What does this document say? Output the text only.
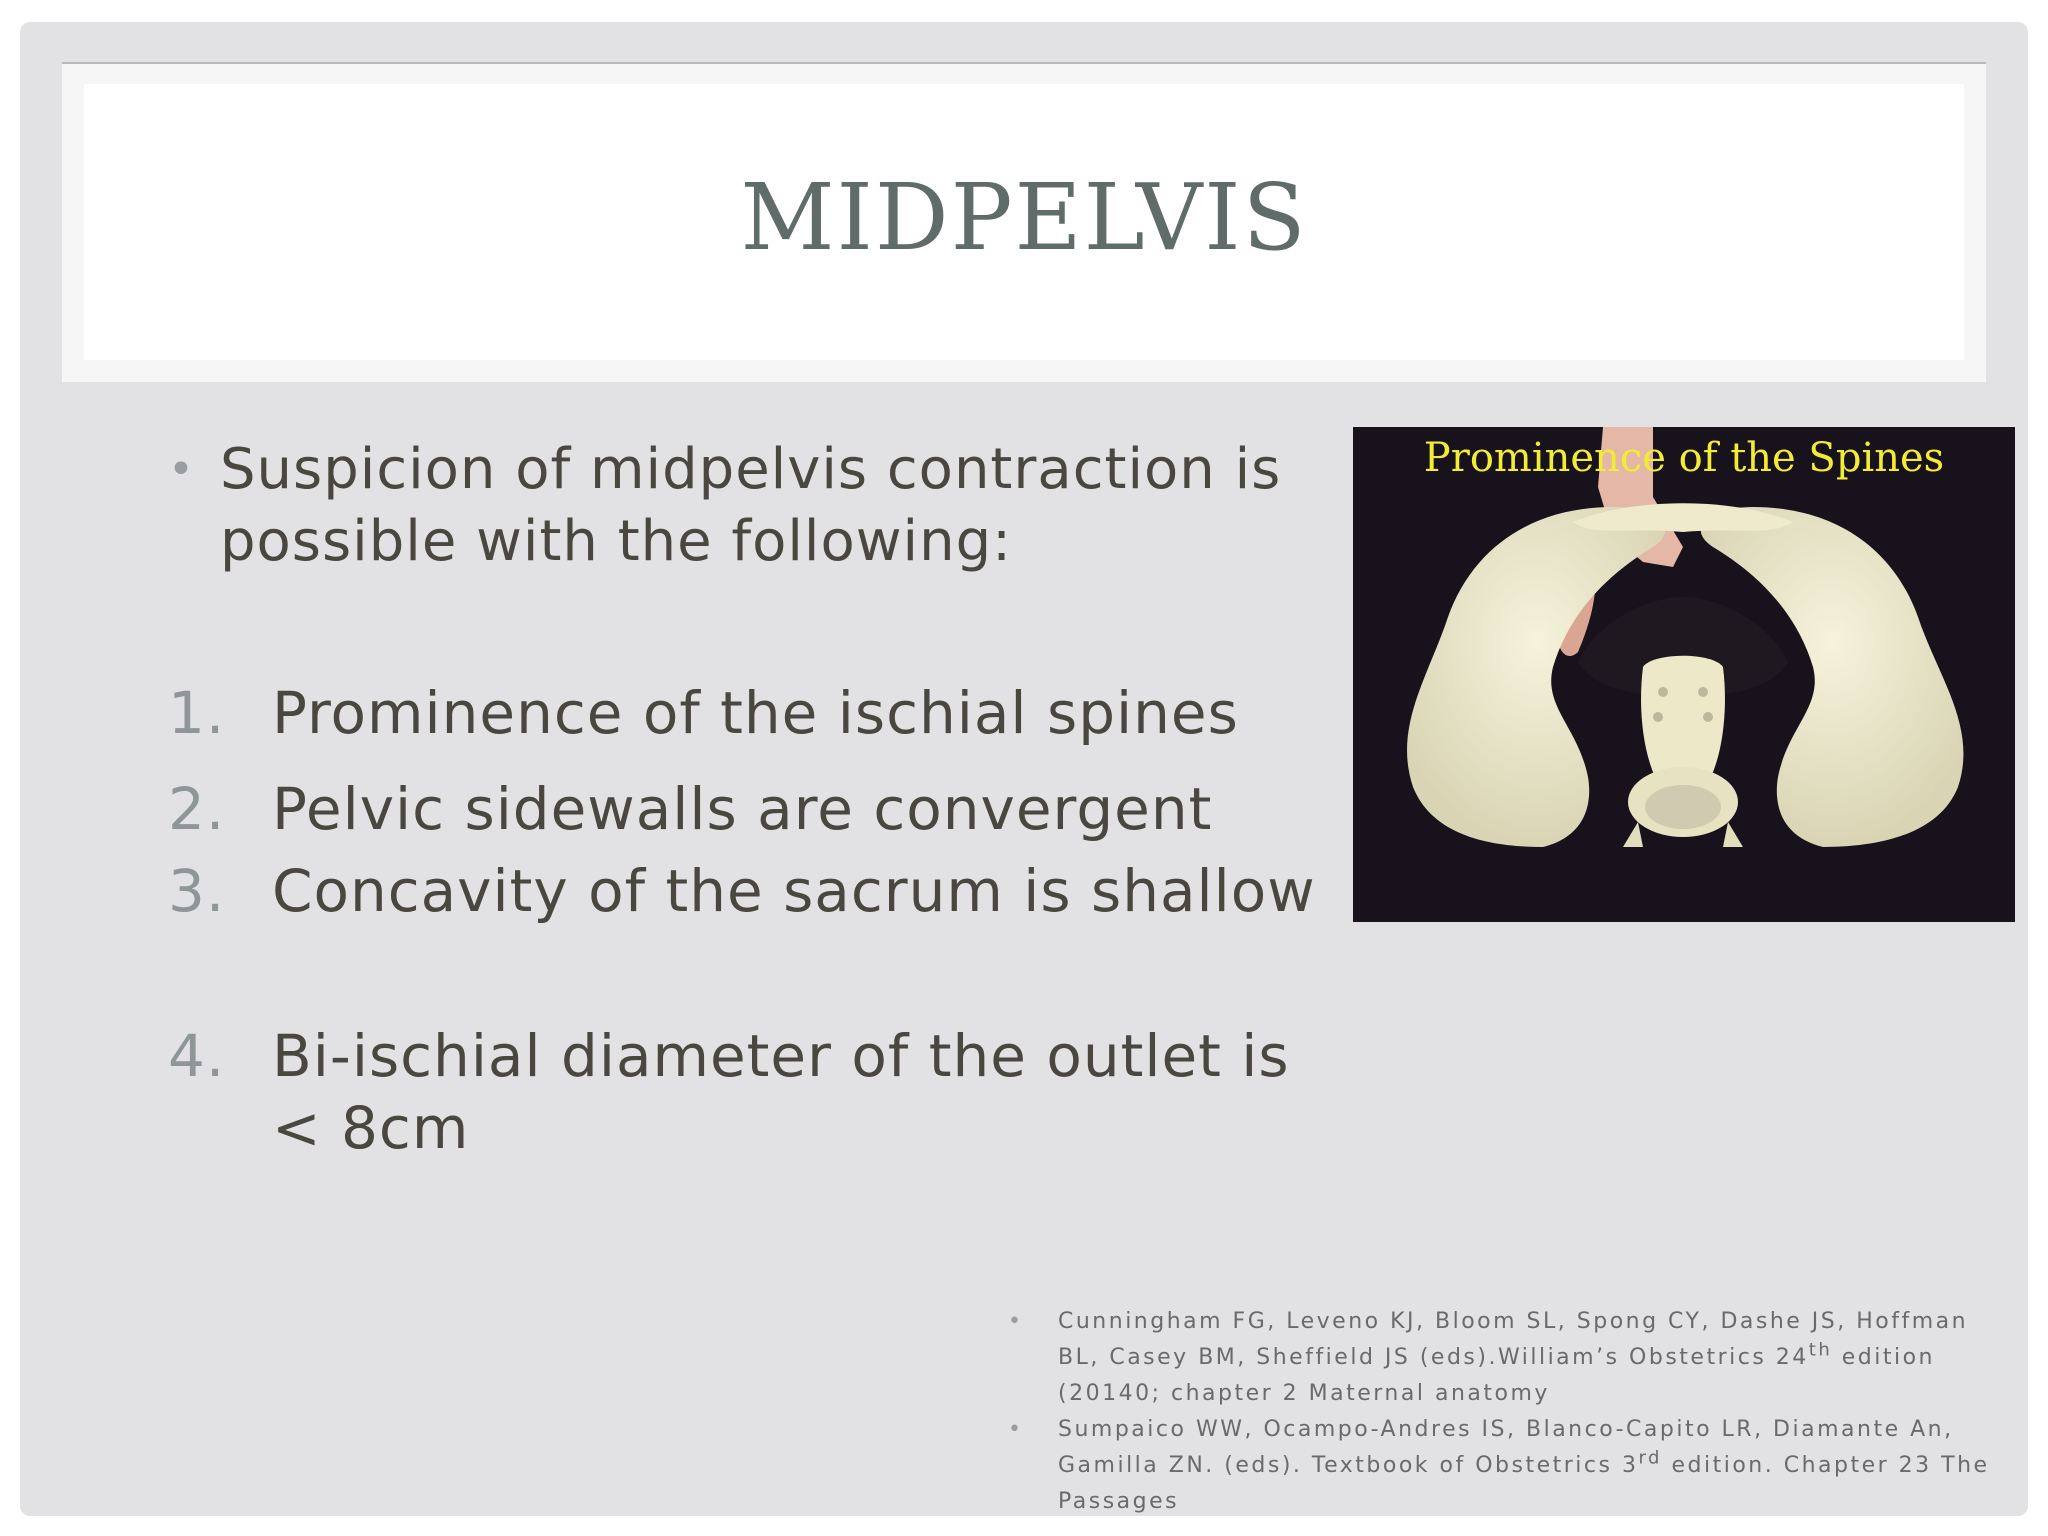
MIDPELVIS
• Suspicion of midpelvis contraction is possible with the following:
1. Prominence of the ischial spines
2. Pelvic sidewalls are convergent
3. Concavity of the sacrum is shallow
4. Bi-ischial diameter of the outlet is < 8cm
Prominence of the Spines
•	Cunningham FG, Leveno KJ, Bloom SL, Spong CY, Dashe JS, Hoffman BL, Casey BM, Sheffield JS (eds).William’s Obstetrics 24th edition (20140; chapter 2 Maternal anatomy
•	Sumpaico WW, Ocampo-Andres IS, Blanco-Capito LR, Diamante An, Gamilla ZN. (eds). Textbook of Obstetrics 3rd edition. Chapter 23 The Passages
